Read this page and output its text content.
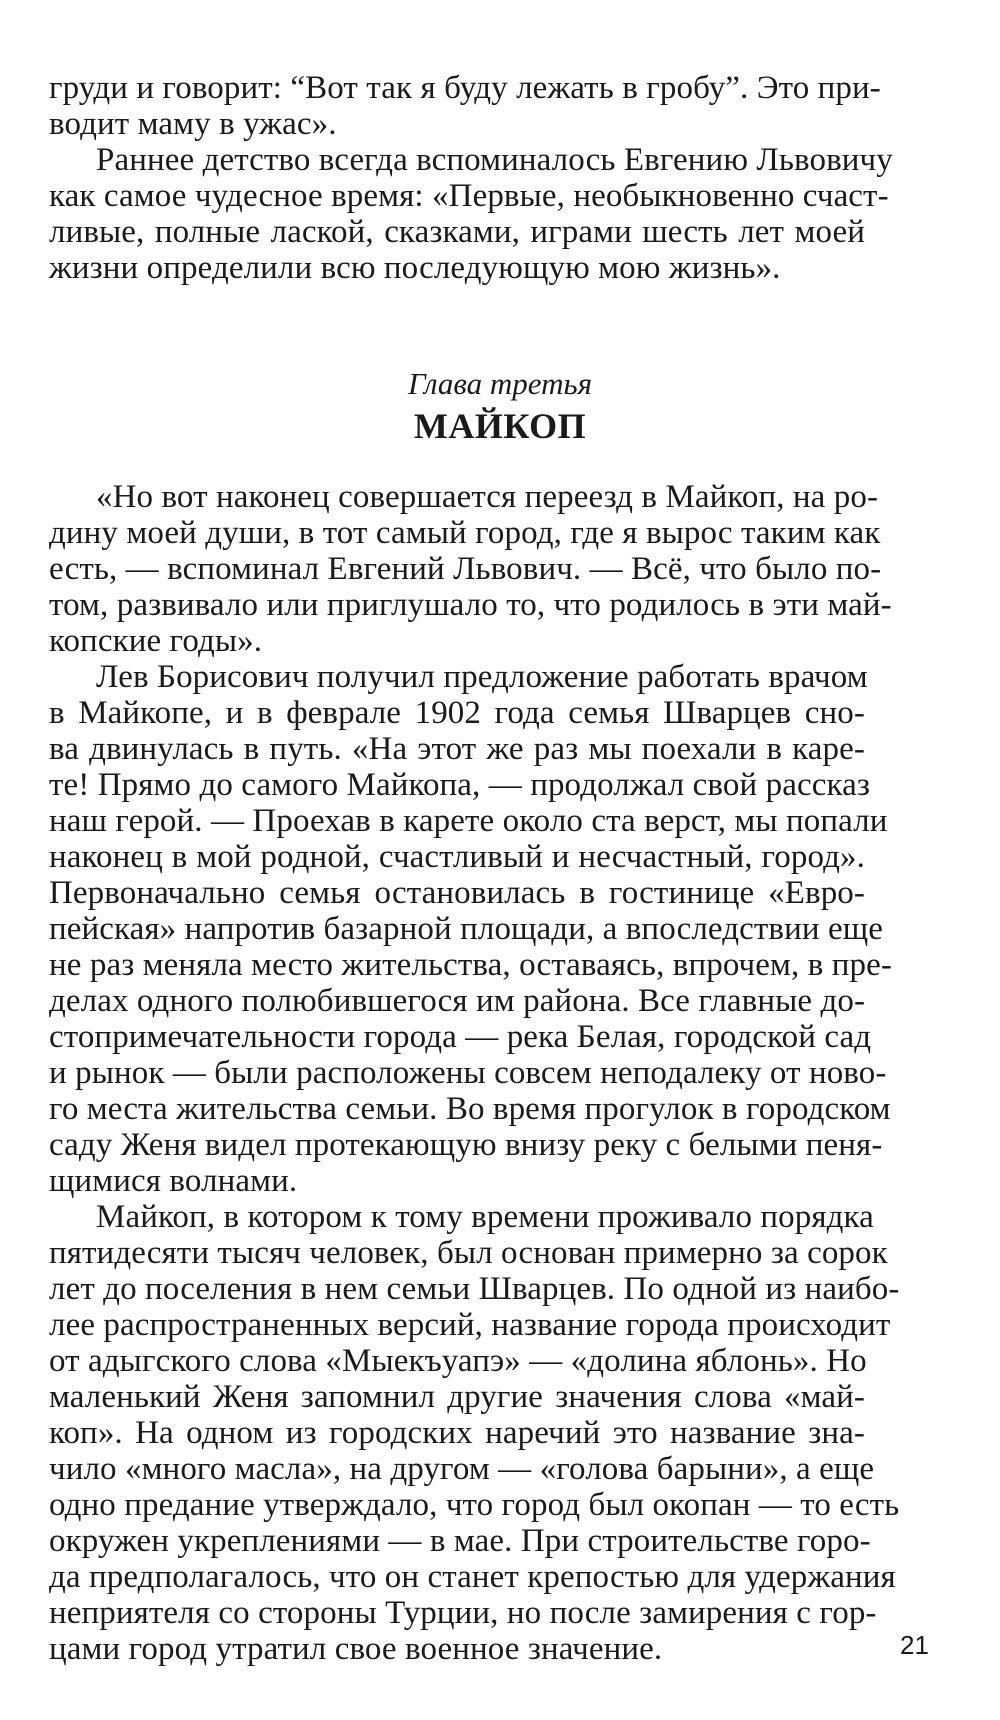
груди и говорит: “Вот так я буду лежать в гробу”. Это при-
водит маму в ужас».
Раннее детство всегда вспоминалось Евгению Львовичу
как самое чудесное время: «Первые, необыкновенно счаст-
ливые, полные лаской, сказками, играми шесть лет моей
жизни определили всю последующую мою жизнь».
Глава третья
МАЙКОП
«Но вот наконец совершается переезд в Майкоп, на ро-
дину моей души, в тот самый город, где я вырос таким как
есть, — вспоминал Евгений Львович. — Всё, что было по-
том, развивало или приглушало то, что родилось в эти май-
копские годы».
Лев Борисович получил предложение работать врачом
в Майкопе, и в феврале 1902 года семья Шварцев сно-
ва двинулась в путь. «На этот же раз мы поехали в каре-
те! Прямо до самого Майкопа, — продолжал свой рассказ
наш герой. — Проехав в карете около ста верст, мы попали
наконец в мой родной, счастливый и несчастный, город».
Первоначально семья остановилась в гостинице «Евро-
пейская» напротив базарной площади, а впоследствии еще
не раз меняла место жительства, оставаясь, впрочем, в пре-
делах одного полюбившегося им района. Все главные до-
стопримечательности города — река Белая, городской сад
и рынок — были расположены совсем неподалеку от ново-
го места жительства семьи. Во время прогулок в городском
саду Женя видел протекающую внизу реку с белыми пеня-
щимися волнами.
Майкоп, в котором к тому времени проживало порядка
пятидесяти тысяч человек, был основан примерно за сорок
лет до поселения в нем семьи Шварцев. По одной из наибо-
лее распространенных версий, название города происходит
от адыгского слова «Мыекъуапэ» — «долина яблонь». Но
маленький Женя запомнил другие значения слова «май-
коп». На одном из городских наречий это название зна-
чило «много масла», на другом — «голова барыни», а еще
одно предание утверждало, что город был окопан — то есть
окружен укреплениями — в мае. При строительстве горо-
да предполагалось, что он станет крепостью для удержания
неприятеля со стороны Турции, но после замирения с гор-
цами город утратил свое военное значение.	21
